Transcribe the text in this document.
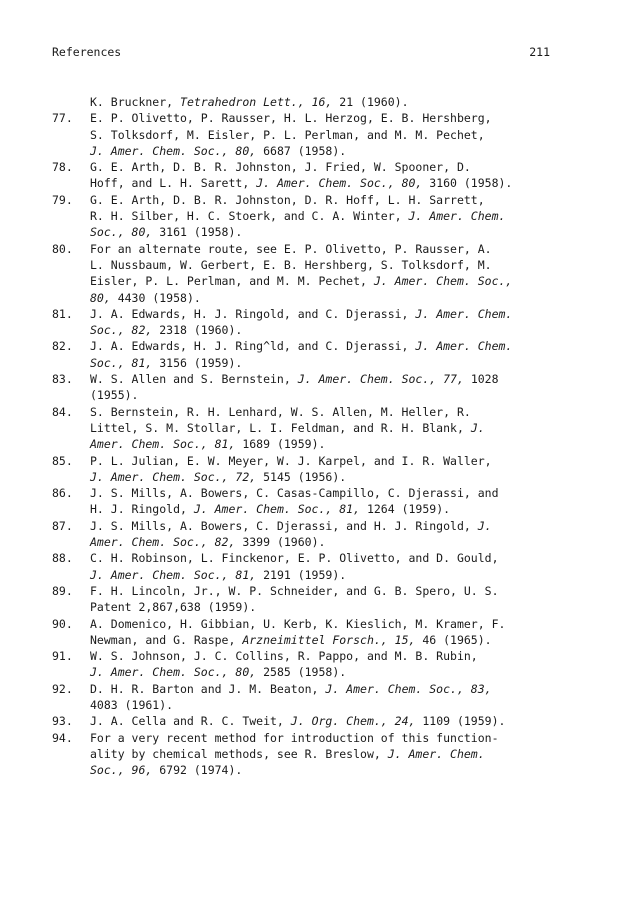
References	211
K. Bruckner, Tetrahedron Lett., 16, 21 (1960).
77.	E. P. Olivetto, P. Rausser, H. L. Herzog, E. B. Hershberg,
S. Tolksdorf, M. Eisler, P. L. Perlman, and M. M. Pechet,
J. Amer. Chem. Soc., 80, 6687 (1958).
78.	G. E. Arth, D. B. R. Johnston, J. Fried, W. Spooner, D.
Hoff, and L. H. Sarett, J. Amer. Chem. Soc., 80, 3160 (1958).
79.	G. E. Arth, D. B. R. Johnston, D. R. Hoff, L. H. Sarrett,
R. H. Silber, H. C. Stoerk, and C. A. Winter, J. Amer. Chem.
Soc., 80, 3161 (1958).
80.	For an alternate route, see E. P. Olivetto, P. Rausser, A.
L. Nussbaum, W. Gerbert, E. B. Hershberg, S. Tolksdorf, M.
Eisler, P. L. Perlman, and M. M. Pechet, J. Amer. Chem. Soc.,
80, 4430 (1958).
81.	J. A. Edwards, H. J. Ringold, and C. Djerassi, J. Amer. Chem.
Soc., 82, 2318 (1960).
82.	J. A. Edwards, H. J. Ring^ld, and C. Djerassi, J. Amer. Chem.
Soc., 81, 3156 (1959).
83.	W. S. Allen and S. Bernstein, J. Amer. Chem. Soc., 77, 1028
(1955).
84.	S. Bernstein, R. H. Lenhard, W. S. Allen, M. Heller, R.
Littel, S. M. Stollar, L. I. Feldman, and R. H. Blank, J.
Amer. Chem. Soc., 81, 1689 (1959).
85.	P. L. Julian, E. W. Meyer, W. J. Karpel, and I. R. Waller,
J. Amer. Chem. Soc., 72, 5145 (1956).
86.	J. S. Mills, A. Bowers, C. Casas-Campillo, C. Djerassi, and
H. J. Ringold, J. Amer. Chem. Soc., 81, 1264 (1959).
87.	J. S. Mills, A. Bowers, C. Djerassi, and H. J. Ringold, J.
Amer. Chem. Soc., 82, 3399 (1960).
88.	C. H. Robinson, L. Finckenor, E. P. Olivetto, and D. Gould,
J. Amer. Chem. Soc., 81, 2191 (1959).
89.	F. H. Lincoln, Jr., W. P. Schneider, and G. B. Spero, U. S.
Patent 2,867,638 (1959).
90.	A. Domenico, H. Gibbian, U. Kerb, K. Kieslich, M. Kramer, F.
Newman, and G. Raspe, Arzneimittel Forsch., 15, 46 (1965).
91.	W. S. Johnson, J. C. Collins, R. Pappo, and M. B. Rubin,
J. Amer. Chem. Soc., 80, 2585 (1958).
92.	D. H. R. Barton and J. M. Beaton, J. Amer. Chem. Soc., 83,
4083 (1961).
93.	J. A. Cella and R. C. Tweit, J. Org. Chem., 24, 1109 (1959).
94.	For a very recent method for introduction of this function-
ality by chemical methods, see R. Breslow, J. Amer. Chem.
Soc., 96, 6792 (1974).
